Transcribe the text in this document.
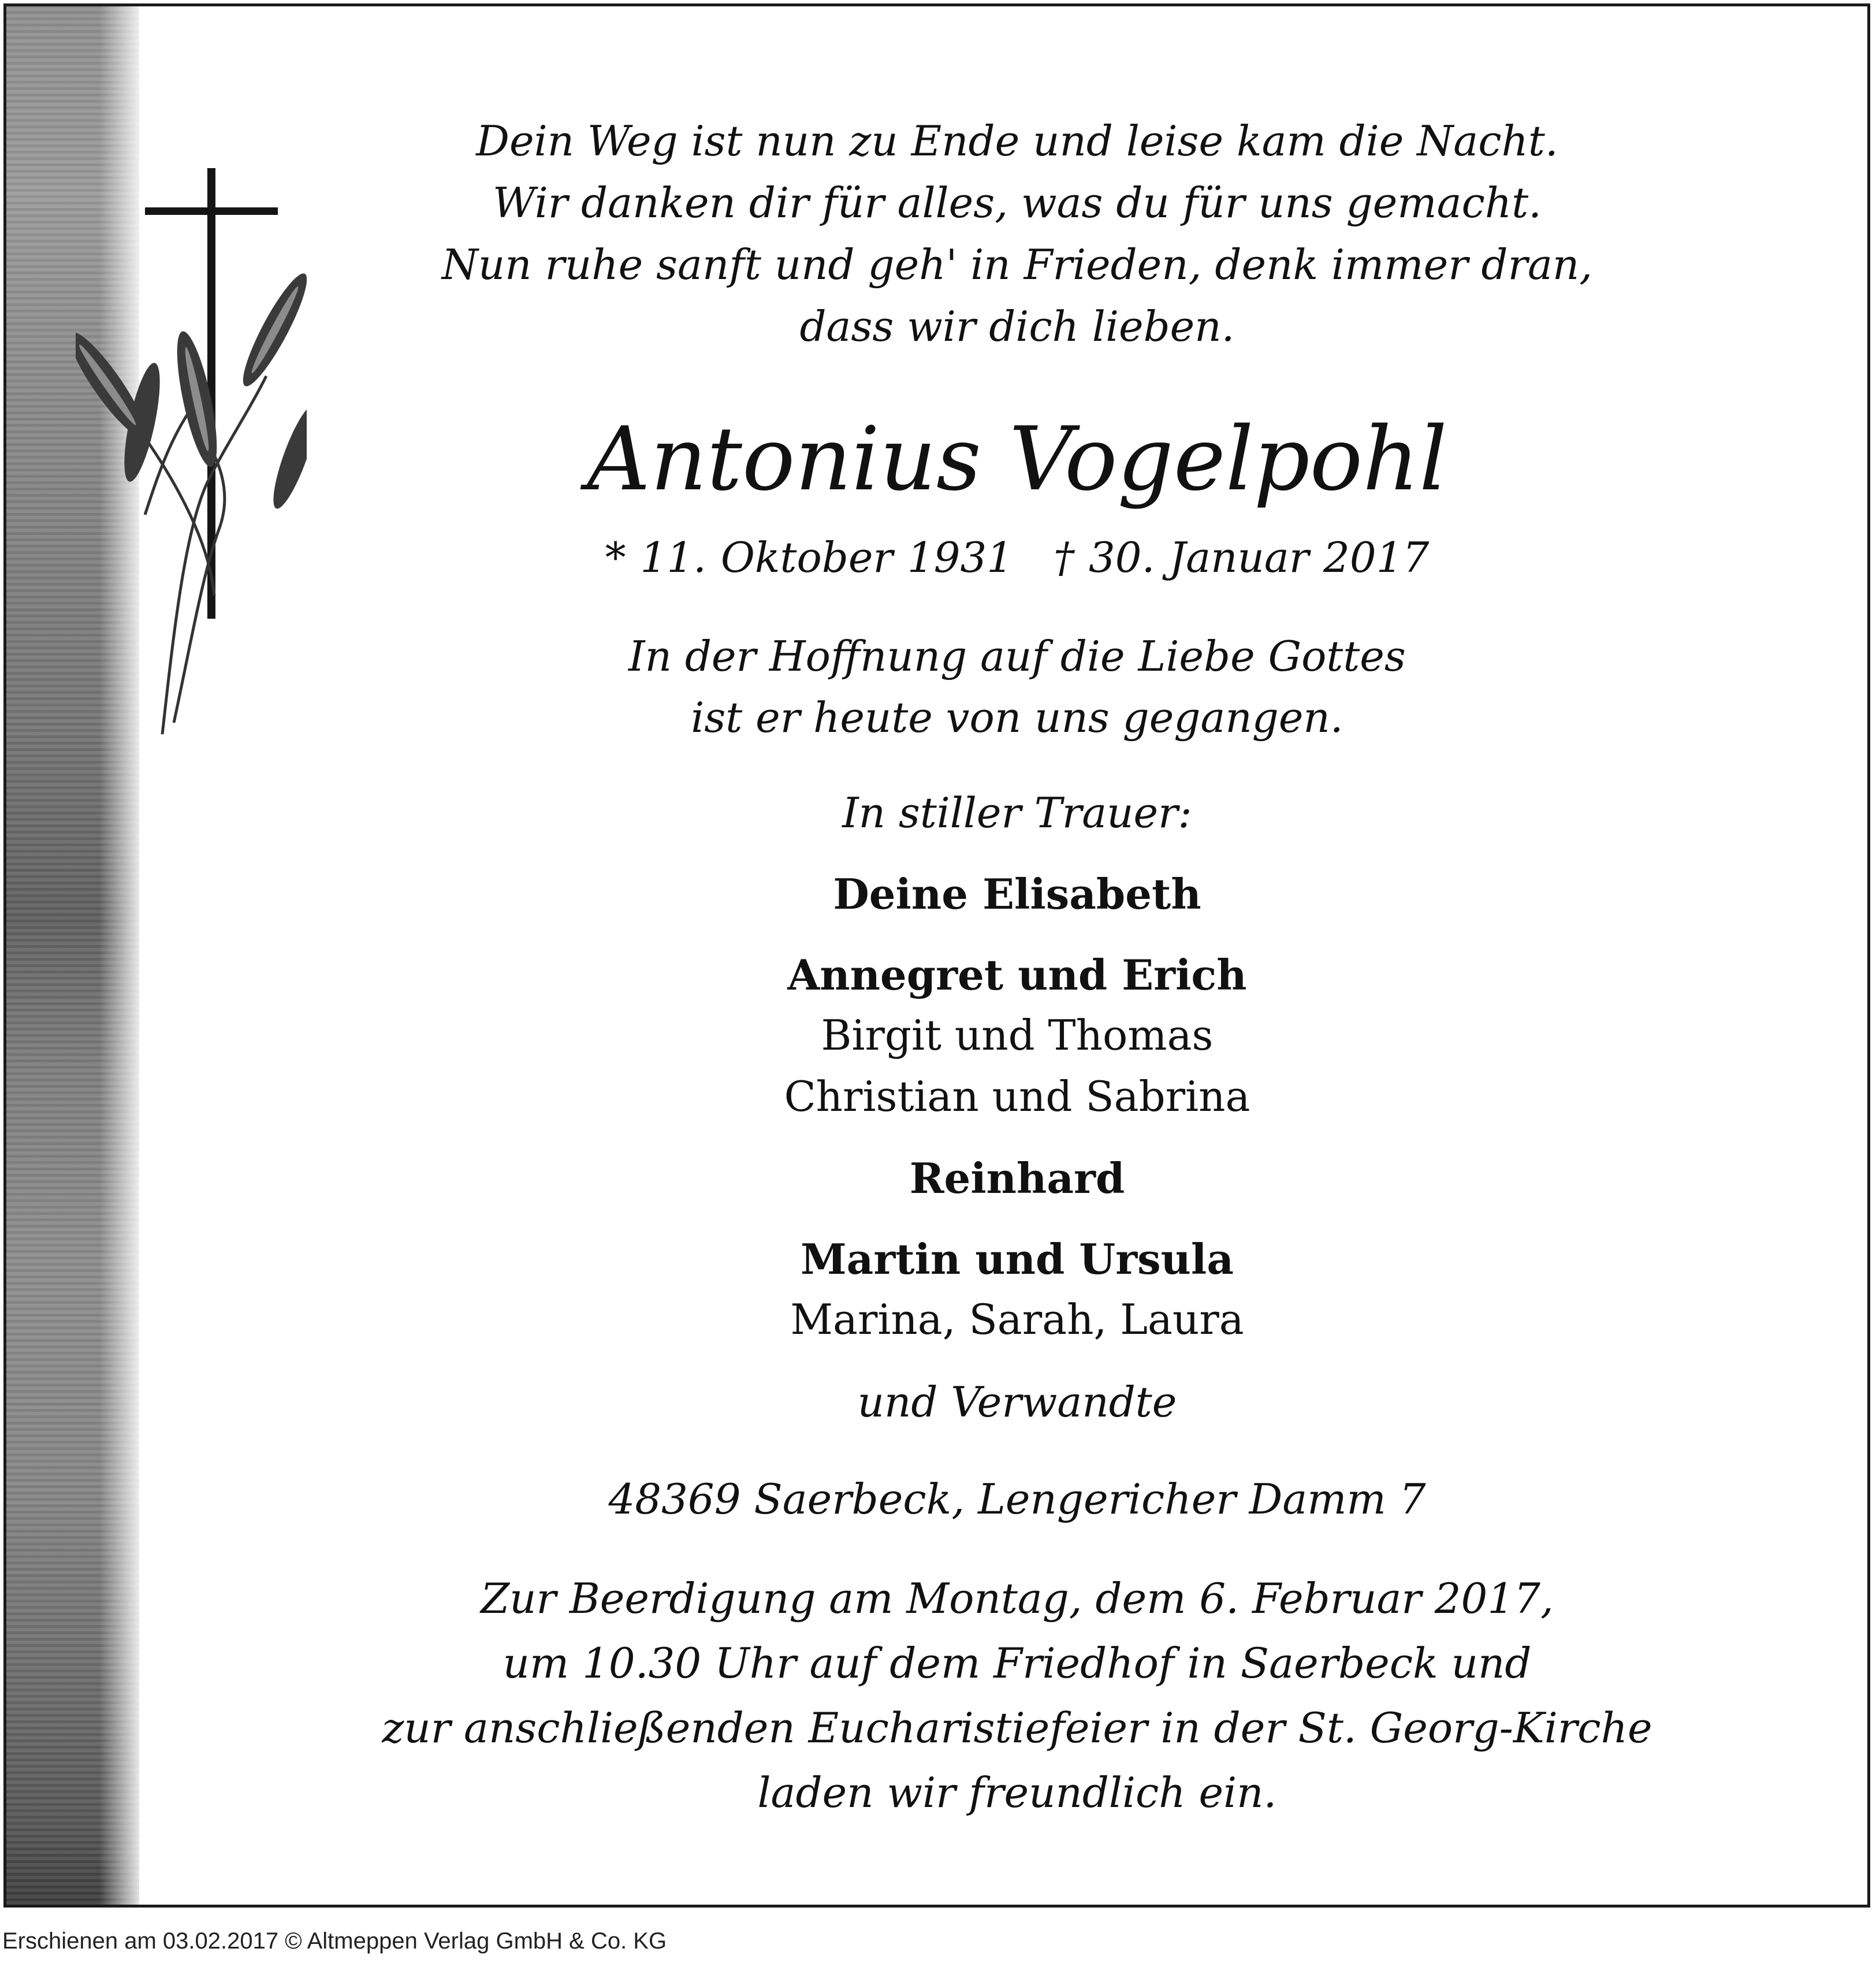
Dein Weg ist nun zu Ende und leise kam die Nacht.
Wir danken dir für alles, was du für uns gemacht.
Nun ruhe sanft und geh' in Frieden, denk immer dran,
dass wir dich lieben.
Antonius Vogelpohl
* 11. Oktober 1931 † 30. Januar 2017
In der Hoffnung auf die Liebe Gottes
ist er heute von uns gegangen.
In stiller Trauer:
Deine Elisabeth
Annegret und Erich
Birgit und Thomas
Christian und Sabrina
Reinhard
Martin und Ursula
Marina, Sarah, Laura
und Verwandte
48369 Saerbeck, Lengericher Damm 7
Zur Beerdigung am Montag, dem 6. Februar 2017,
um 10.30 Uhr auf dem Friedhof in Saerbeck und
zur anschließenden Eucharistiefeier in der St. Georg-Kirche
laden wir freundlich ein.
Erschienen am 03.02.2017 © Altmeppen Verlag GmbH & Co. KG
